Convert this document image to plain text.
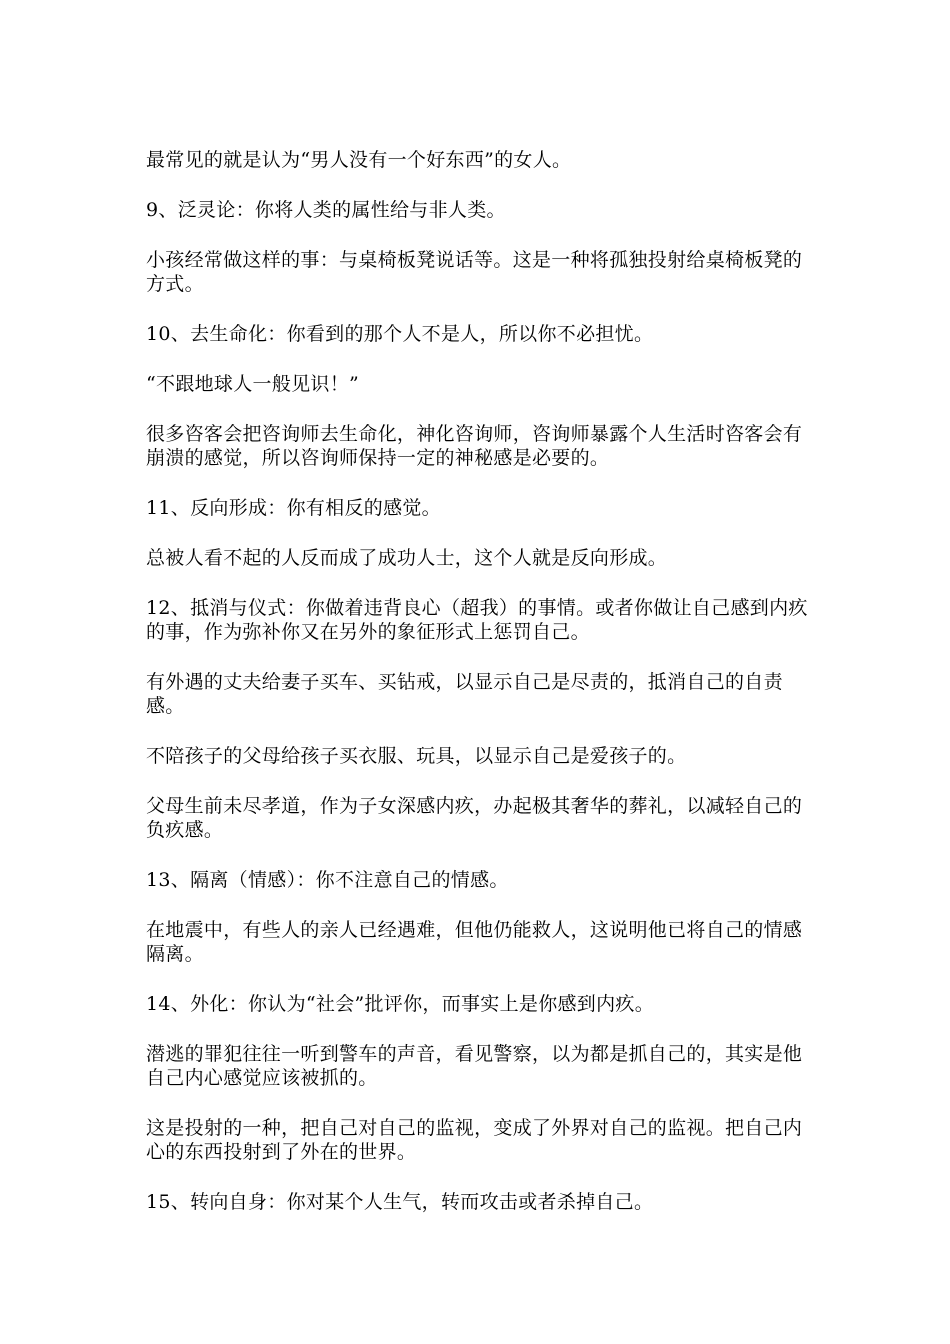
最常见的就是认为“男人没有一个好东西”的女人。

9、泛灵论：你将人类的属性给与非人类。

小孩经常做这样的事：与桌椅板凳说话等。这是一种将孤独投射给桌椅板凳的方式。

10、去生命化：你看到的那个人不是人，所以你不必担忧。

“不跟地球人一般见识！”

很多咨客会把咨询师去生命化，神化咨询师，咨询师暴露个人生活时咨客会有崩溃的感觉，所以咨询师保持一定的神秘感是必要的。

11、反向形成：你有相反的感觉。

总被人看不起的人反而成了成功人士，这个人就是反向形成。

12、抵消与仪式：你做着违背良心（超我）的事情。或者你做让自己感到内疚的事，作为弥补你又在另外的象征形式上惩罚自己。

有外遇的丈夫给妻子买车、买钻戒，以显示自己是尽责的，抵消自己的自责感。

不陪孩子的父母给孩子买衣服、玩具，以显示自己是爱孩子的。

父母生前未尽孝道，作为子女深感内疚，办起极其奢华的葬礼，以减轻自己的负疚感。

13、隔离（情感）：你不注意自己的情感。

在地震中，有些人的亲人已经遇难，但他仍能救人，这说明他已将自己的情感隔离。

14、外化：你认为“社会”批评你，而事实上是你感到内疚。

潜逃的罪犯往往一听到警车的声音，看见警察，以为都是抓自己的，其实是他自己内心感觉应该被抓的。

这是投射的一种，把自己对自己的监视，变成了外界对自己的监视。把自己内心的东西投射到了外在的世界。

15、转向自身：你对某个人生气，转而攻击或者杀掉自己。
